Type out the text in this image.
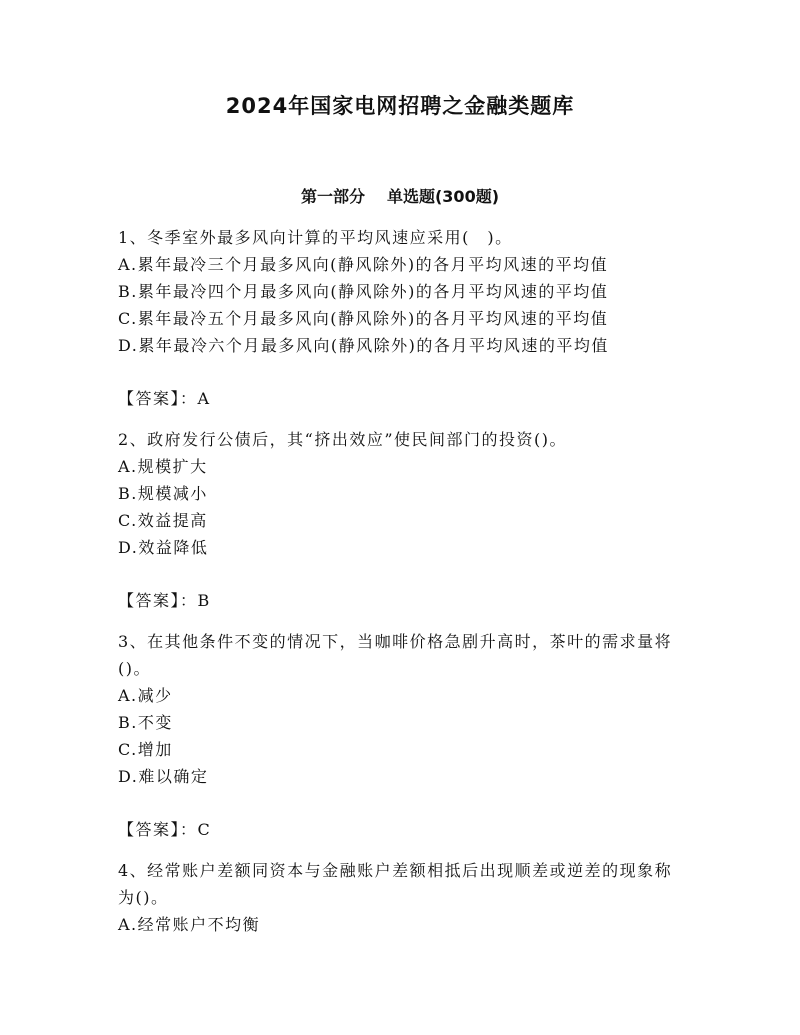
2024年国家电网招聘之金融类题库
第一部分 单选题(300题)

1、冬季室外最多风向计算的平均风速应采用(　)。

A.累年最冷三个月最多风向(静风除外)的各月平均风速的平均值

B.累年最冷四个月最多风向(静风除外)的各月平均风速的平均值

C.累年最冷五个月最多风向(静风除外)的各月平均风速的平均值

D.累年最冷六个月最多风向(静风除外)的各月平均风速的平均值

【答案】：A

2、政府发行公债后，其“挤出效应”使民间部门的投资()。

A.规模扩大

B.规模减小

C.效益提高

D.效益降低

【答案】：B

3、在其他条件不变的情况下，当咖啡价格急剧升高时，茶叶的需求量将()。

A.减少

B.不变

C.增加

D.难以确定

【答案】：C

4、经常账户差额同资本与金融账户差额相抵后出现顺差或逆差的现象称为()。

A.经常账户不均衡
